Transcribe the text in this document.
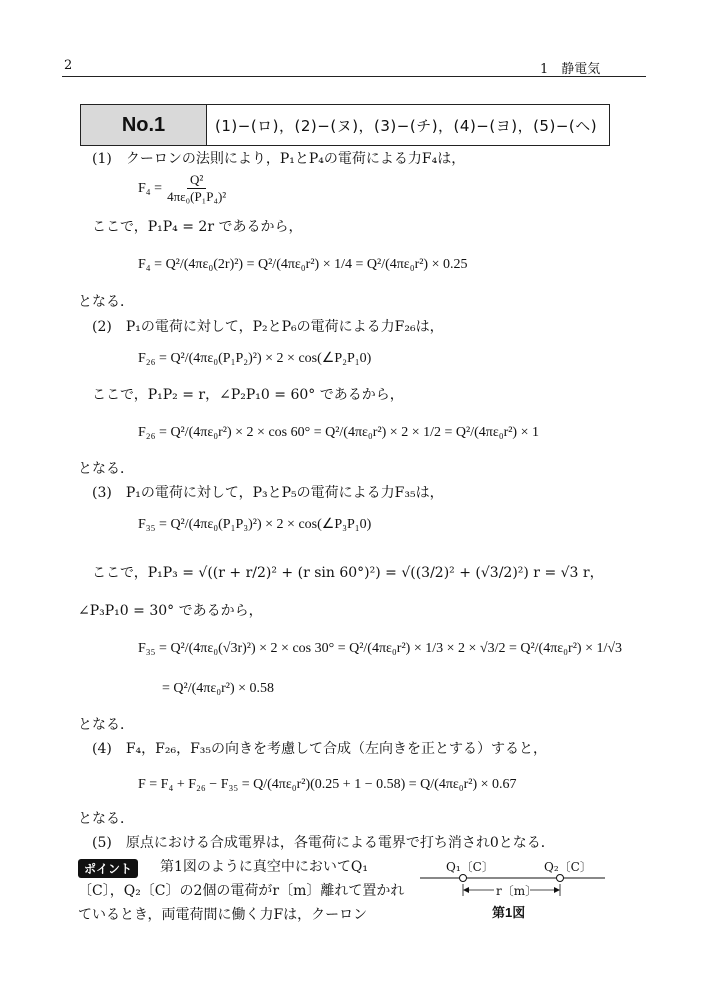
2	1　静電気
No.1	(1)−(ロ)，(2)−(ヌ)，(3)−(チ)，(4)−(ヨ)，(5)−(ヘ)
(1)　クーロンの法則により，P₁とP₄の電荷による力F₄は，
$F_4 = \frac{\text{Q²}}{\text{4πε₀(P₁P₄)²}}$
ここで，P₁P₄ = 2r であるから，
F₄ = Q²/(4πε₀(2r)²) = Q²/(4πε₀r²) × 1/4 = Q²/(4πε₀r²) × 0.25
となる．
(2)　P₁の電荷に対して，P₂とP₆の電荷による力F₂₆は，
F₂₆ = Q²/(4πε₀(P₁P₂)²) × 2 × cos(∠P₂P₁0)
ここで，P₁P₂ = r，∠P₂P₁0 = 60° であるから，
F₂₆ = Q²/(4πε₀r²) × 2 × cos 60° = Q²/(4πε₀r²) × 2 × 1/2 = Q²/(4πε₀r²) × 1
となる．
(3)　P₁の電荷に対して，P₃とP₅の電荷による力F₃₅は，
F₃₅ = Q²/(4πε₀(P₁P₃)²) × 2 × cos(∠P₃P₁0)
ここで，P₁P₃ = √((r + r/2)² + (r sin 60°)²) = √((3/2)² + (√3/2)²) r = √3 r，
∠P₃P₁0 = 30° であるから，
F₃₅ = Q²/(4πε₀(√3r)²) × 2 × cos 30° = Q²/(4πε₀r²) × 1/3 × 2 × √3/2 = Q²/(4πε₀r²) × 1/√3
= Q²/(4πε₀r²) × 0.58
となる．
(4)　F₄，F₂₆，F₃₅の向きを考慮して合成（左向きを正とする）すると，
F = F₄ + F₂₆ − F₃₅ = Q/(4πε₀r²)(0.25 + 1 − 0.58) = Q/(4πε₀r²) × 0.67
となる．
(5)　原点における合成電界は，各電荷による電界で打ち消され0となる．
ポイント	第1図のように真空中においてQ₁
〔C〕，Q₂〔C〕の2個の電荷がr〔m〕離れて置かれ
ているとき，両電荷間に働く力Fは，クーロン
Q₁〔C〕	Q₂〔C〕
r〔m〕
第1図
